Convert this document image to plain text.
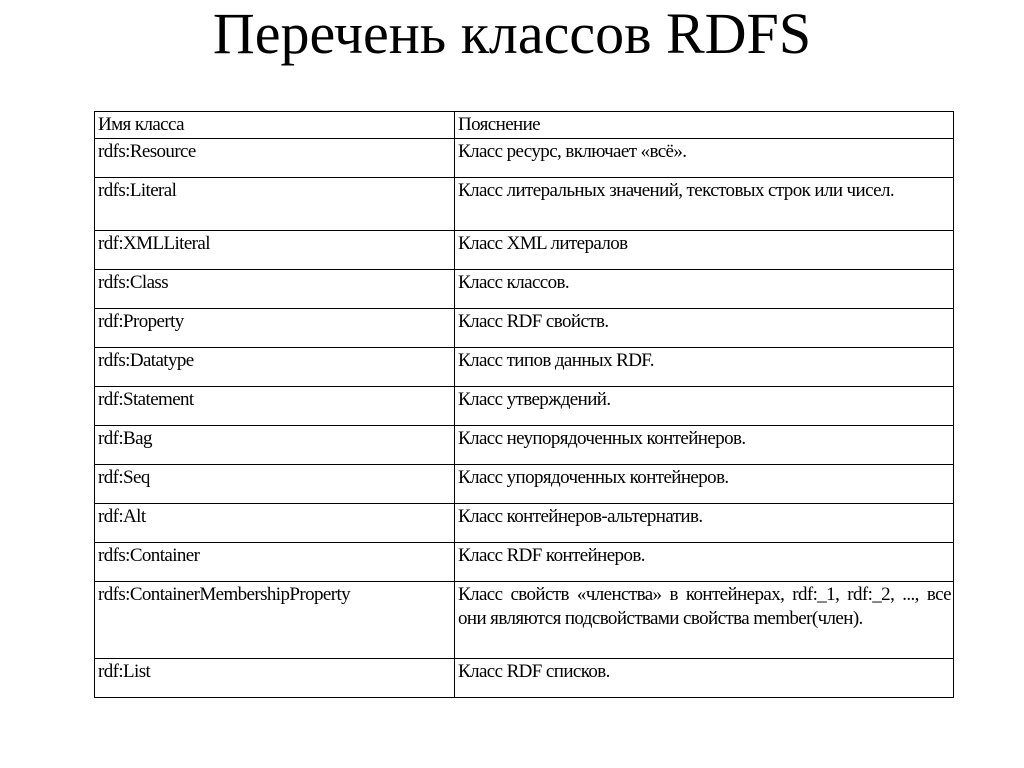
Перечень классов RDFS
Имя класса	Пояснение
rdfs:Resource	Класс ресурс, включает «всё».
rdfs:Literal	Класс литеральных значений, текстовых строк или чисел.
rdf:XMLLiteral	Класс XML литералов
rdfs:Class	Класс классов.
rdf:Property	Класс RDF свойств.
rdfs:Datatype	Класс типов данных RDF.
rdf:Statement	Класс утверждений.
rdf:Bag	Класс неупорядоченных контейнеров.
rdf:Seq	Класс упорядоченных контейнеров.
rdf:Alt	Класс контейнеров-альтернатив.
rdfs:Container	Класс RDF контейнеров.
rdfs:ContainerMembershipProperty	Класс свойств «членства» в контейнерах, rdf:_1, rdf:_2, ..., все они являются подсвойствами свойства member(член).
rdf:List	Класс RDF списков.
